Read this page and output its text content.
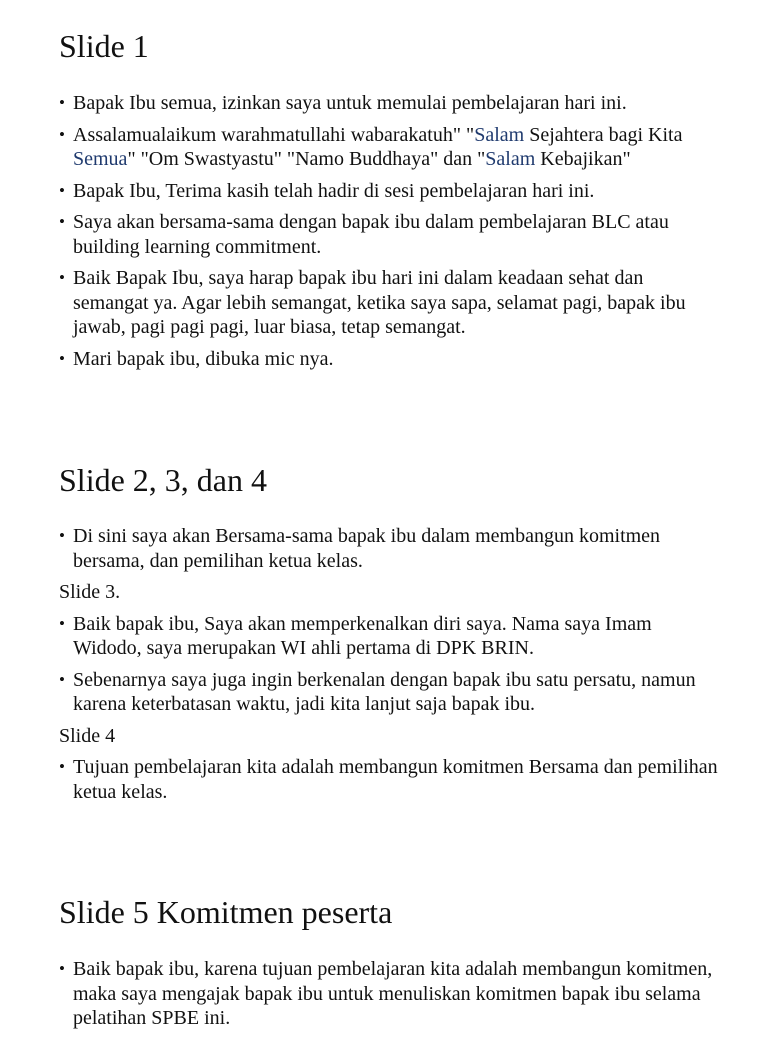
Slide 1
• Bapak Ibu semua, izinkan saya untuk memulai pembelajaran hari ini.
• Assalamualaikum warahmatullahi wabarakatuh" "Salam Sejahtera bagi Kita Semua" "Om Swastyastu" "Namo Buddhaya" dan "Salam Kebajikan"
• Bapak Ibu, Terima kasih telah hadir di sesi pembelajaran hari ini.
• Saya akan bersama-sama dengan bapak ibu dalam pembelajaran BLC atau building learning commitment.
• Baik Bapak Ibu, saya harap bapak ibu hari ini dalam keadaan sehat dan semangat ya. Agar lebih semangat, ketika saya sapa, selamat pagi, bapak ibu jawab, pagi pagi pagi, luar biasa, tetap semangat.
• Mari bapak ibu, dibuka mic nya.
Slide 2, 3, dan 4
• Di sini saya akan Bersama-sama bapak ibu dalam membangun komitmen bersama, dan pemilihan ketua kelas.

Slide 3.

• Baik bapak ibu, Saya akan memperkenalkan diri saya. Nama saya Imam Widodo, saya merupakan WI ahli pertama di DPK BRIN.
• Sebenarnya saya juga ingin berkenalan dengan bapak ibu satu persatu, namun karena keterbatasan waktu, jadi kita lanjut saja bapak ibu.

Slide 4

• Tujuan pembelajaran kita adalah membangun komitmen Bersama dan pemilihan ketua kelas.
Slide 5 Komitmen peserta
• Baik bapak ibu, karena tujuan pembelajaran kita adalah membangun komitmen, maka saya mengajak bapak ibu untuk menuliskan komitmen bapak ibu selama pelatihan SPBE ini.
